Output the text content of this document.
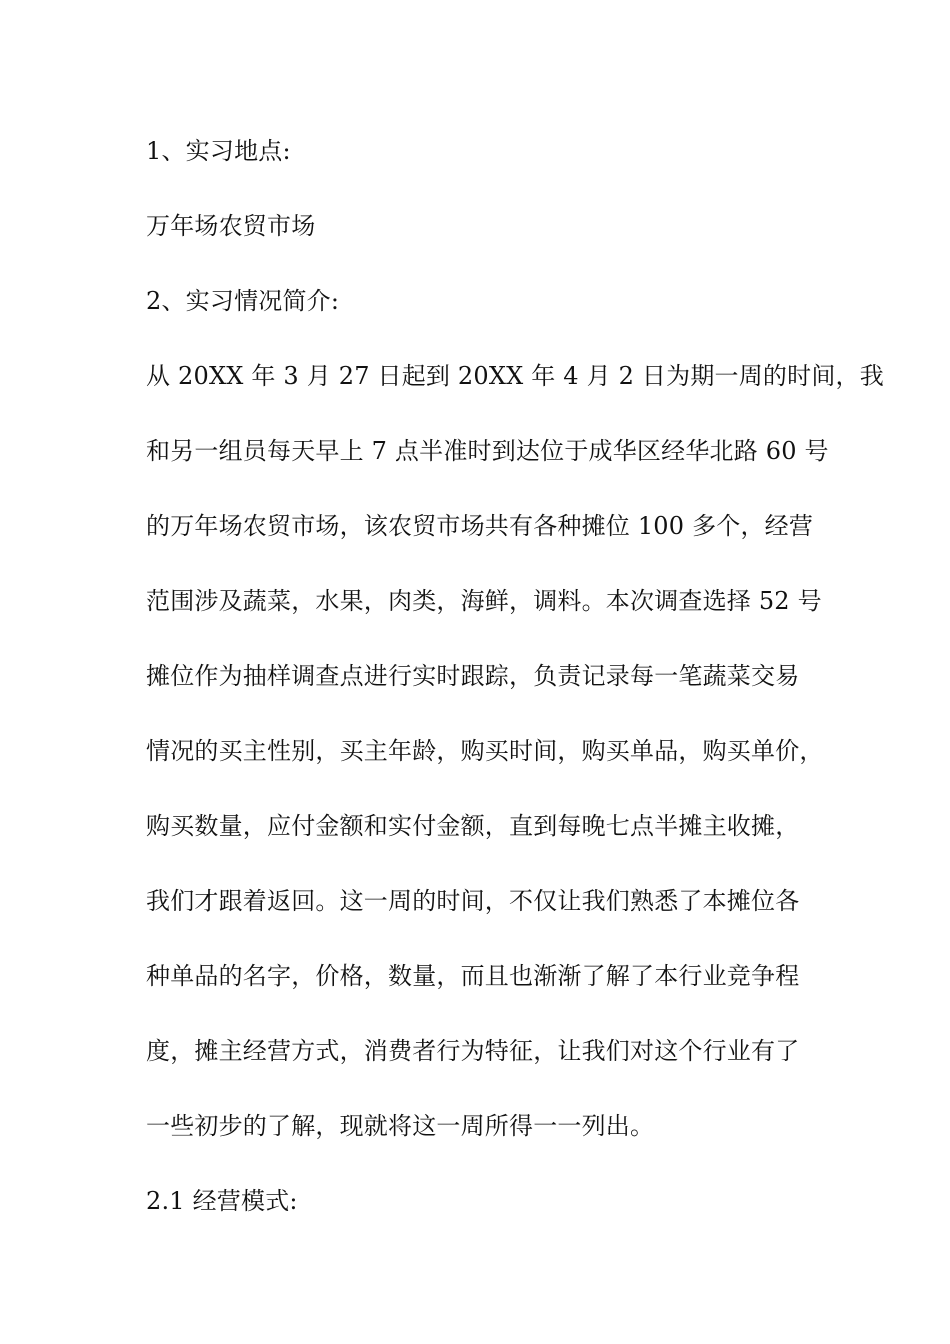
1、实习地点:
万年场农贸市场
2、实习情况简介:
从 20XX 年 3 月 27 日起到 20XX 年 4 月 2 日为期一周的时间，我
和另一组员每天早上 7 点半准时到达位于成华区经华北路 60 号
的万年场农贸市场，该农贸市场共有各种摊位 100 多个，经营
范围涉及蔬菜，水果，肉类，海鲜，调料。本次调查选择 52 号
摊位作为抽样调查点进行实时跟踪，负责记录每一笔蔬菜交易
情况的买主性别，买主年龄，购买时间，购买单品，购买单价，
购买数量，应付金额和实付金额，直到每晚七点半摊主收摊，
我们才跟着返回。这一周的时间，不仅让我们熟悉了本摊位各
种单品的名字，价格，数量，而且也渐渐了解了本行业竞争程
度，摊主经营方式，消费者行为特征，让我们对这个行业有了
一些初步的了解，现就将这一周所得一一列出。
2.1 经营模式:
